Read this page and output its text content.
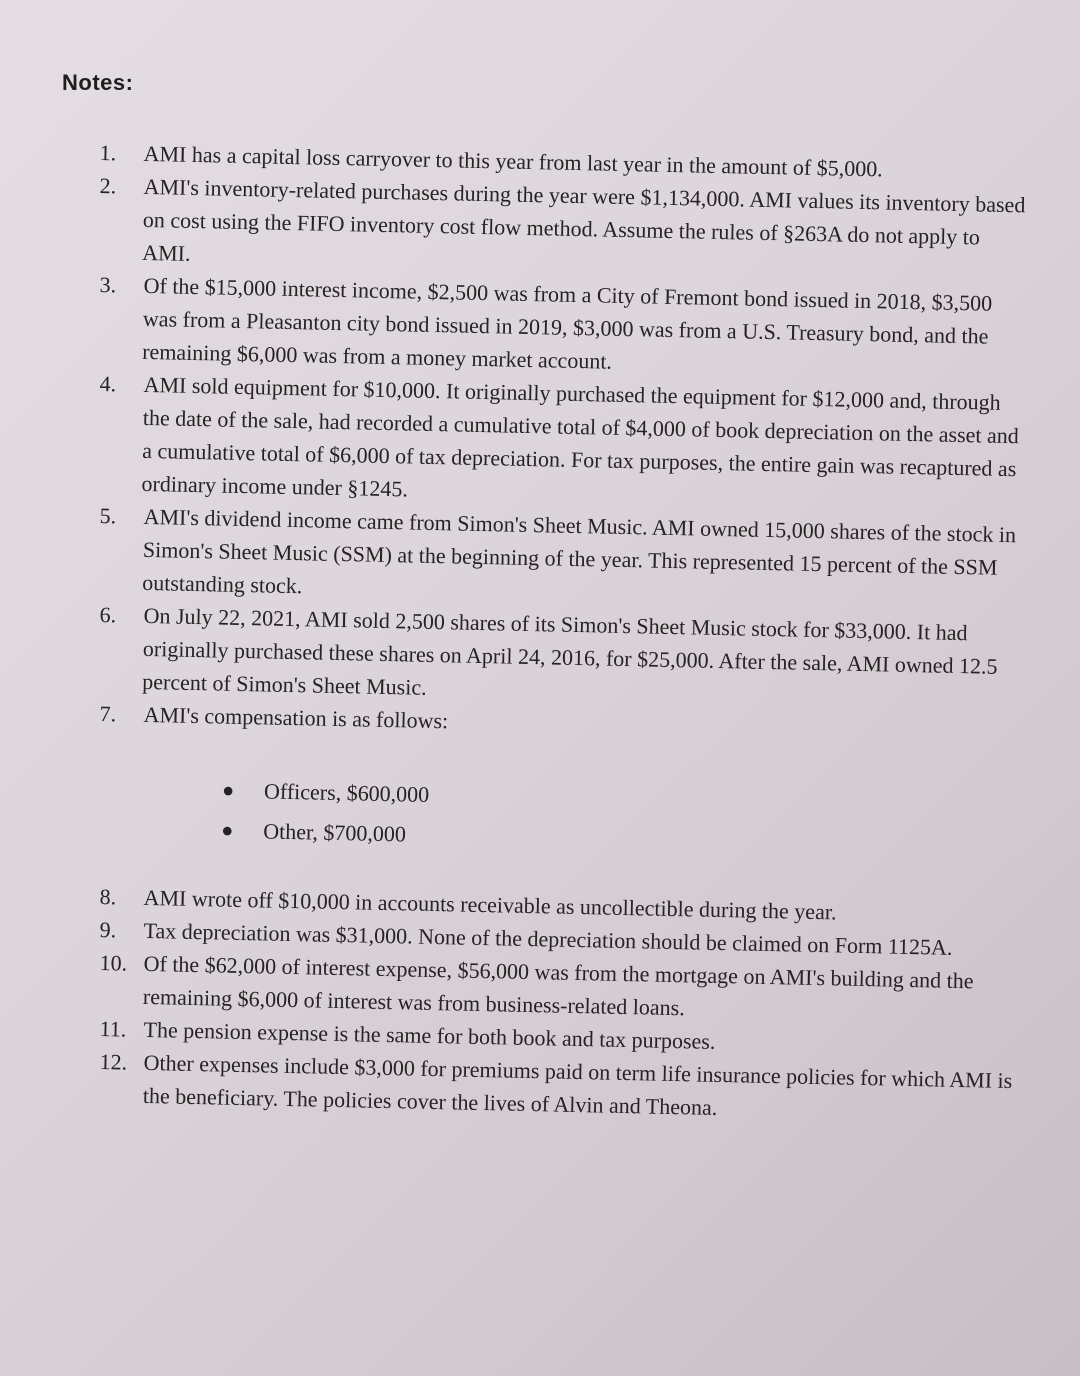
Notes:
1.	AMI has a capital loss carryover to this year from last year in the amount of $5,000.
2.	AMI's inventory-related purchases during the year were $1,134,000. AMI values its inventory based on cost using the FIFO inventory cost flow method. Assume the rules of §263A do not apply to AMI.
3.	Of the $15,000 interest income, $2,500 was from a City of Fremont bond issued in 2018, $3,500 was from a Pleasanton city bond issued in 2019, $3,000 was from a U.S. Treasury bond, and the remaining $6,000 was from a money market account.
4.	AMI sold equipment for $10,000. It originally purchased the equipment for $12,000 and, through the date of the sale, had recorded a cumulative total of $4,000 of book depreciation on the asset and a cumulative total of $6,000 of tax depreciation. For tax purposes, the entire gain was recaptured as ordinary income under §1245.
5.	AMI's dividend income came from Simon's Sheet Music. AMI owned 15,000 shares of the stock in Simon's Sheet Music (SSM) at the beginning of the year. This represented 15 percent of the SSM outstanding stock.
6.	On July 22, 2021, AMI sold 2,500 shares of its Simon's Sheet Music stock for $33,000. It had originally purchased these shares on April 24, 2016, for $25,000. After the sale, AMI owned 12.5 percent of Simon's Sheet Music.
7.	AMI's compensation is as follows:
● Officers, $600,000
● Other, $700,000
8.	AMI wrote off $10,000 in accounts receivable as uncollectible during the year.
9.	Tax depreciation was $31,000. None of the depreciation should be claimed on Form 1125A.
10. Of the $62,000 of interest expense, $56,000 was from the mortgage on AMI's building and the remaining $6,000 of interest was from business-related loans.
11. The pension expense is the same for both book and tax purposes.
12. Other expenses include $3,000 for premiums paid on term life insurance policies for which AMI is the beneficiary. The policies cover the lives of Alvin and Theona.
